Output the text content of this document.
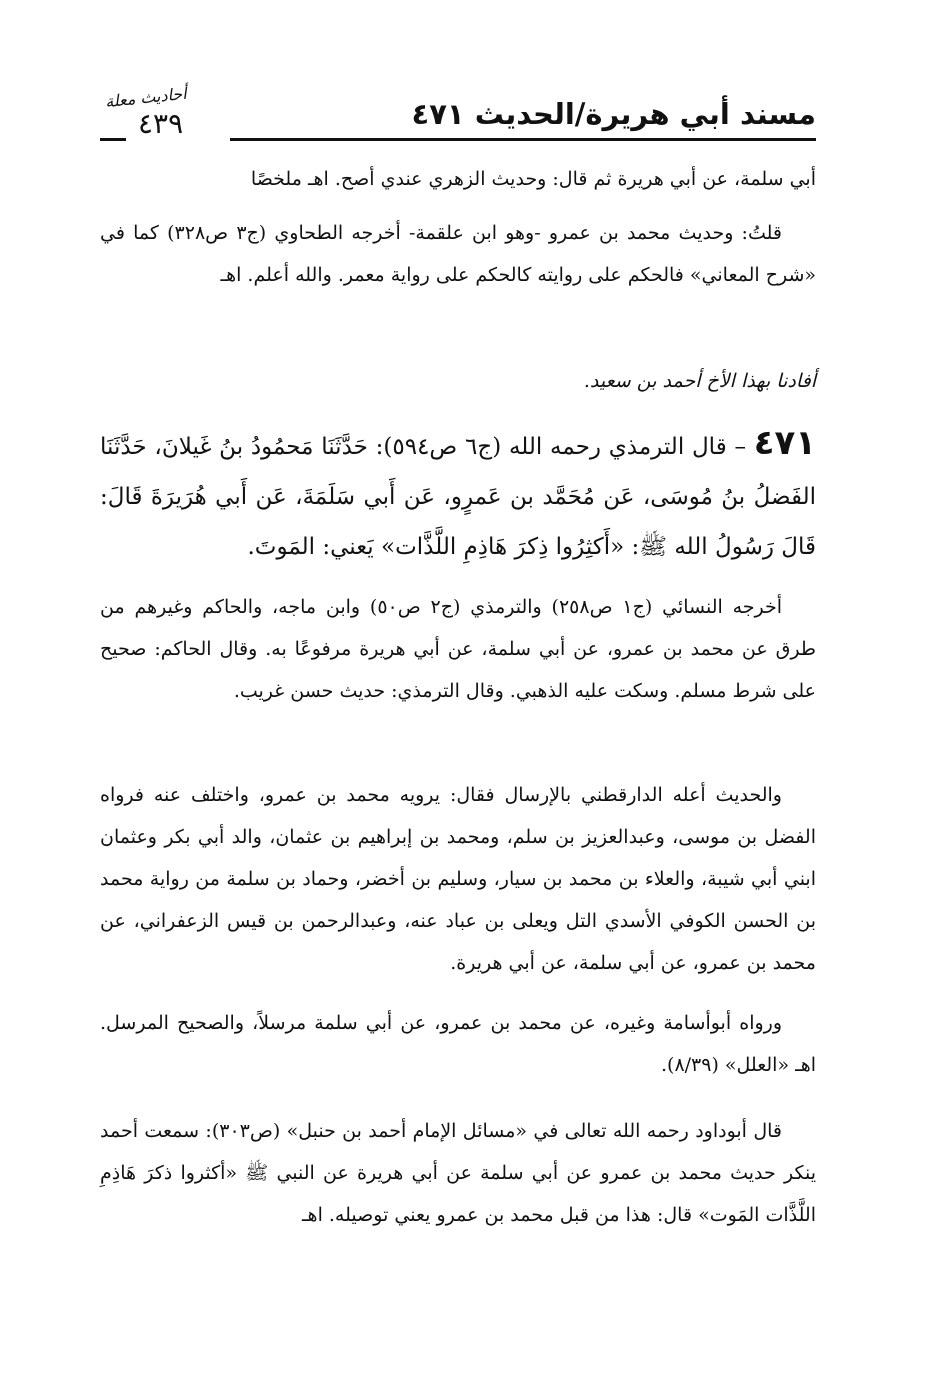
أحاديث معلة
٤٣٩	مسند أبي هريرة/الحديث ٤٧١

أبي سلمة، عن أبي هريرة ثم قال: وحديث الزهري عندي أصح. اهـ ملخصًا

قلتُ: وحديث محمد بن عمرو -وهو ابن علقمة- أخرجه الطحاوي (ج٣ ص٣٢٨) كما في «شرح المعاني» فالحكم على روايته كالحكم على رواية معمر. والله أعلم. اهـ

أفادنا بهذا الأخ أحمد بن سعيد.

٤٧١ – قال الترمذي رحمه الله (ج٦ ص٥٩٤): حَدَّثَنَا مَحمُودُ بنُ غَيلانَ، حَدَّثَنَا الفَضلُ بنُ مُوسَى، عَن مُحَمَّد بن عَمرٍو، عَن أَبي سَلَمَةَ، عَن أَبي هُرَيرَةَ قَالَ: قَالَ رَسُولُ الله ﷺ: «أَكثِرُوا ذِكرَ هَاذِمِ اللَّذَّات» يَعني: المَوتَ.

أخرجه النسائي (ج١ ص٢٥٨) والترمذي (ج٢ ص٥٠) وابن ماجه، والحاكم وغيرهم من طرق عن محمد بن عمرو، عن أبي سلمة، عن أبي هريرة مرفوعًا به. وقال الحاكم: صحيح على شرط مسلم. وسكت عليه الذهبي. وقال الترمذي: حديث حسن غريب.

والحديث أعله الدارقطني بالإرسال فقال: يرويه محمد بن عمرو، واختلف عنه فرواه الفضل بن موسى، وعبدالعزيز بن سلم، ومحمد بن إبراهيم بن عثمان، والد أبي بكر وعثمان ابني أبي شيبة، والعلاء بن محمد بن سيار، وسليم بن أخضر، وحماد بن سلمة من رواية محمد بن الحسن الكوفي الأسدي التل ويعلى بن عباد عنه، وعبدالرحمن بن قيس الزعفراني، عن محمد بن عمرو، عن أبي سلمة، عن أبي هريرة.

ورواه أبوأسامة وغيره، عن محمد بن عمرو، عن أبي سلمة مرسلاً، والصحيح المرسل. اهـ «العلل» (٨/٣٩).

قال أبوداود رحمه الله تعالى في «مسائل الإمام أحمد بن حنبل» (ص٣٠٣): سمعت أحمد ينكر حديث محمد بن عمرو عن أبي سلمة عن أبي هريرة عن النبي ﷺ «أكثروا ذكرَ هَاذِمِ اللَّذَّات المَوت» قال: هذا من قبل محمد بن عمرو يعني توصيله. اهـ
